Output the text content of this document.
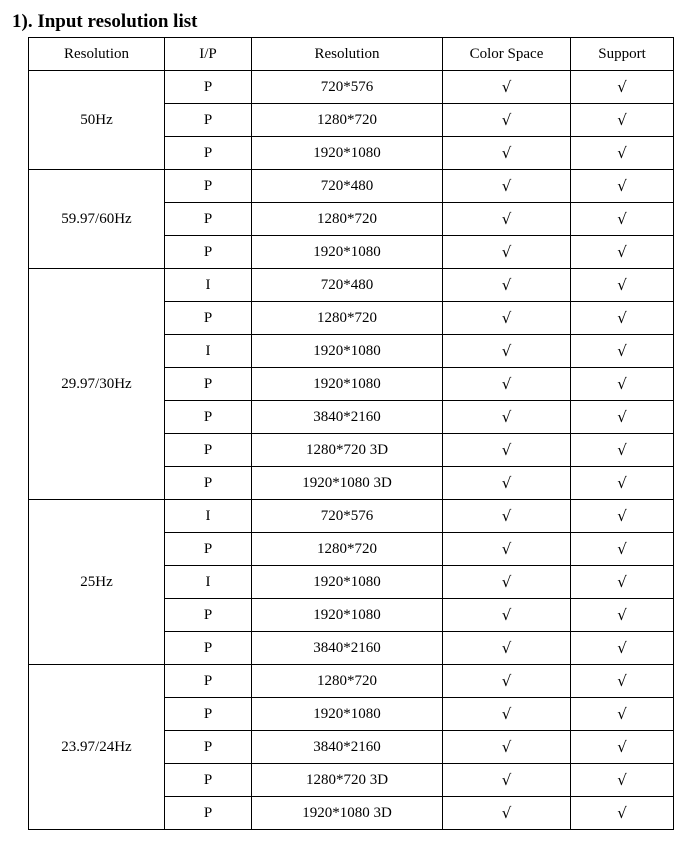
1). Input resolution list
Resolution	I/P	Resolution	Color Space	Support
50Hz	P	720*576	√	√
	P	1280*720	√	√
	P	1920*1080	√	√
59.97/60Hz	P	720*480	√	√
	P	1280*720	√	√
	P	1920*1080	√	√
29.97/30Hz	I	720*480	√	√
	P	1280*720	√	√
	I	1920*1080	√	√
	P	1920*1080	√	√
	P	3840*2160	√	√
	P	1280*720 3D	√	√
	P	1920*1080 3D	√	√
25Hz	I	720*576	√	√
	P	1280*720	√	√
	I	1920*1080	√	√
	P	1920*1080	√	√
	P	3840*2160	√	√
23.97/24Hz	P	1280*720	√	√
	P	1920*1080	√	√
	P	3840*2160	√	√
	P	1280*720 3D	√	√
	P	1920*1080 3D	√	√
